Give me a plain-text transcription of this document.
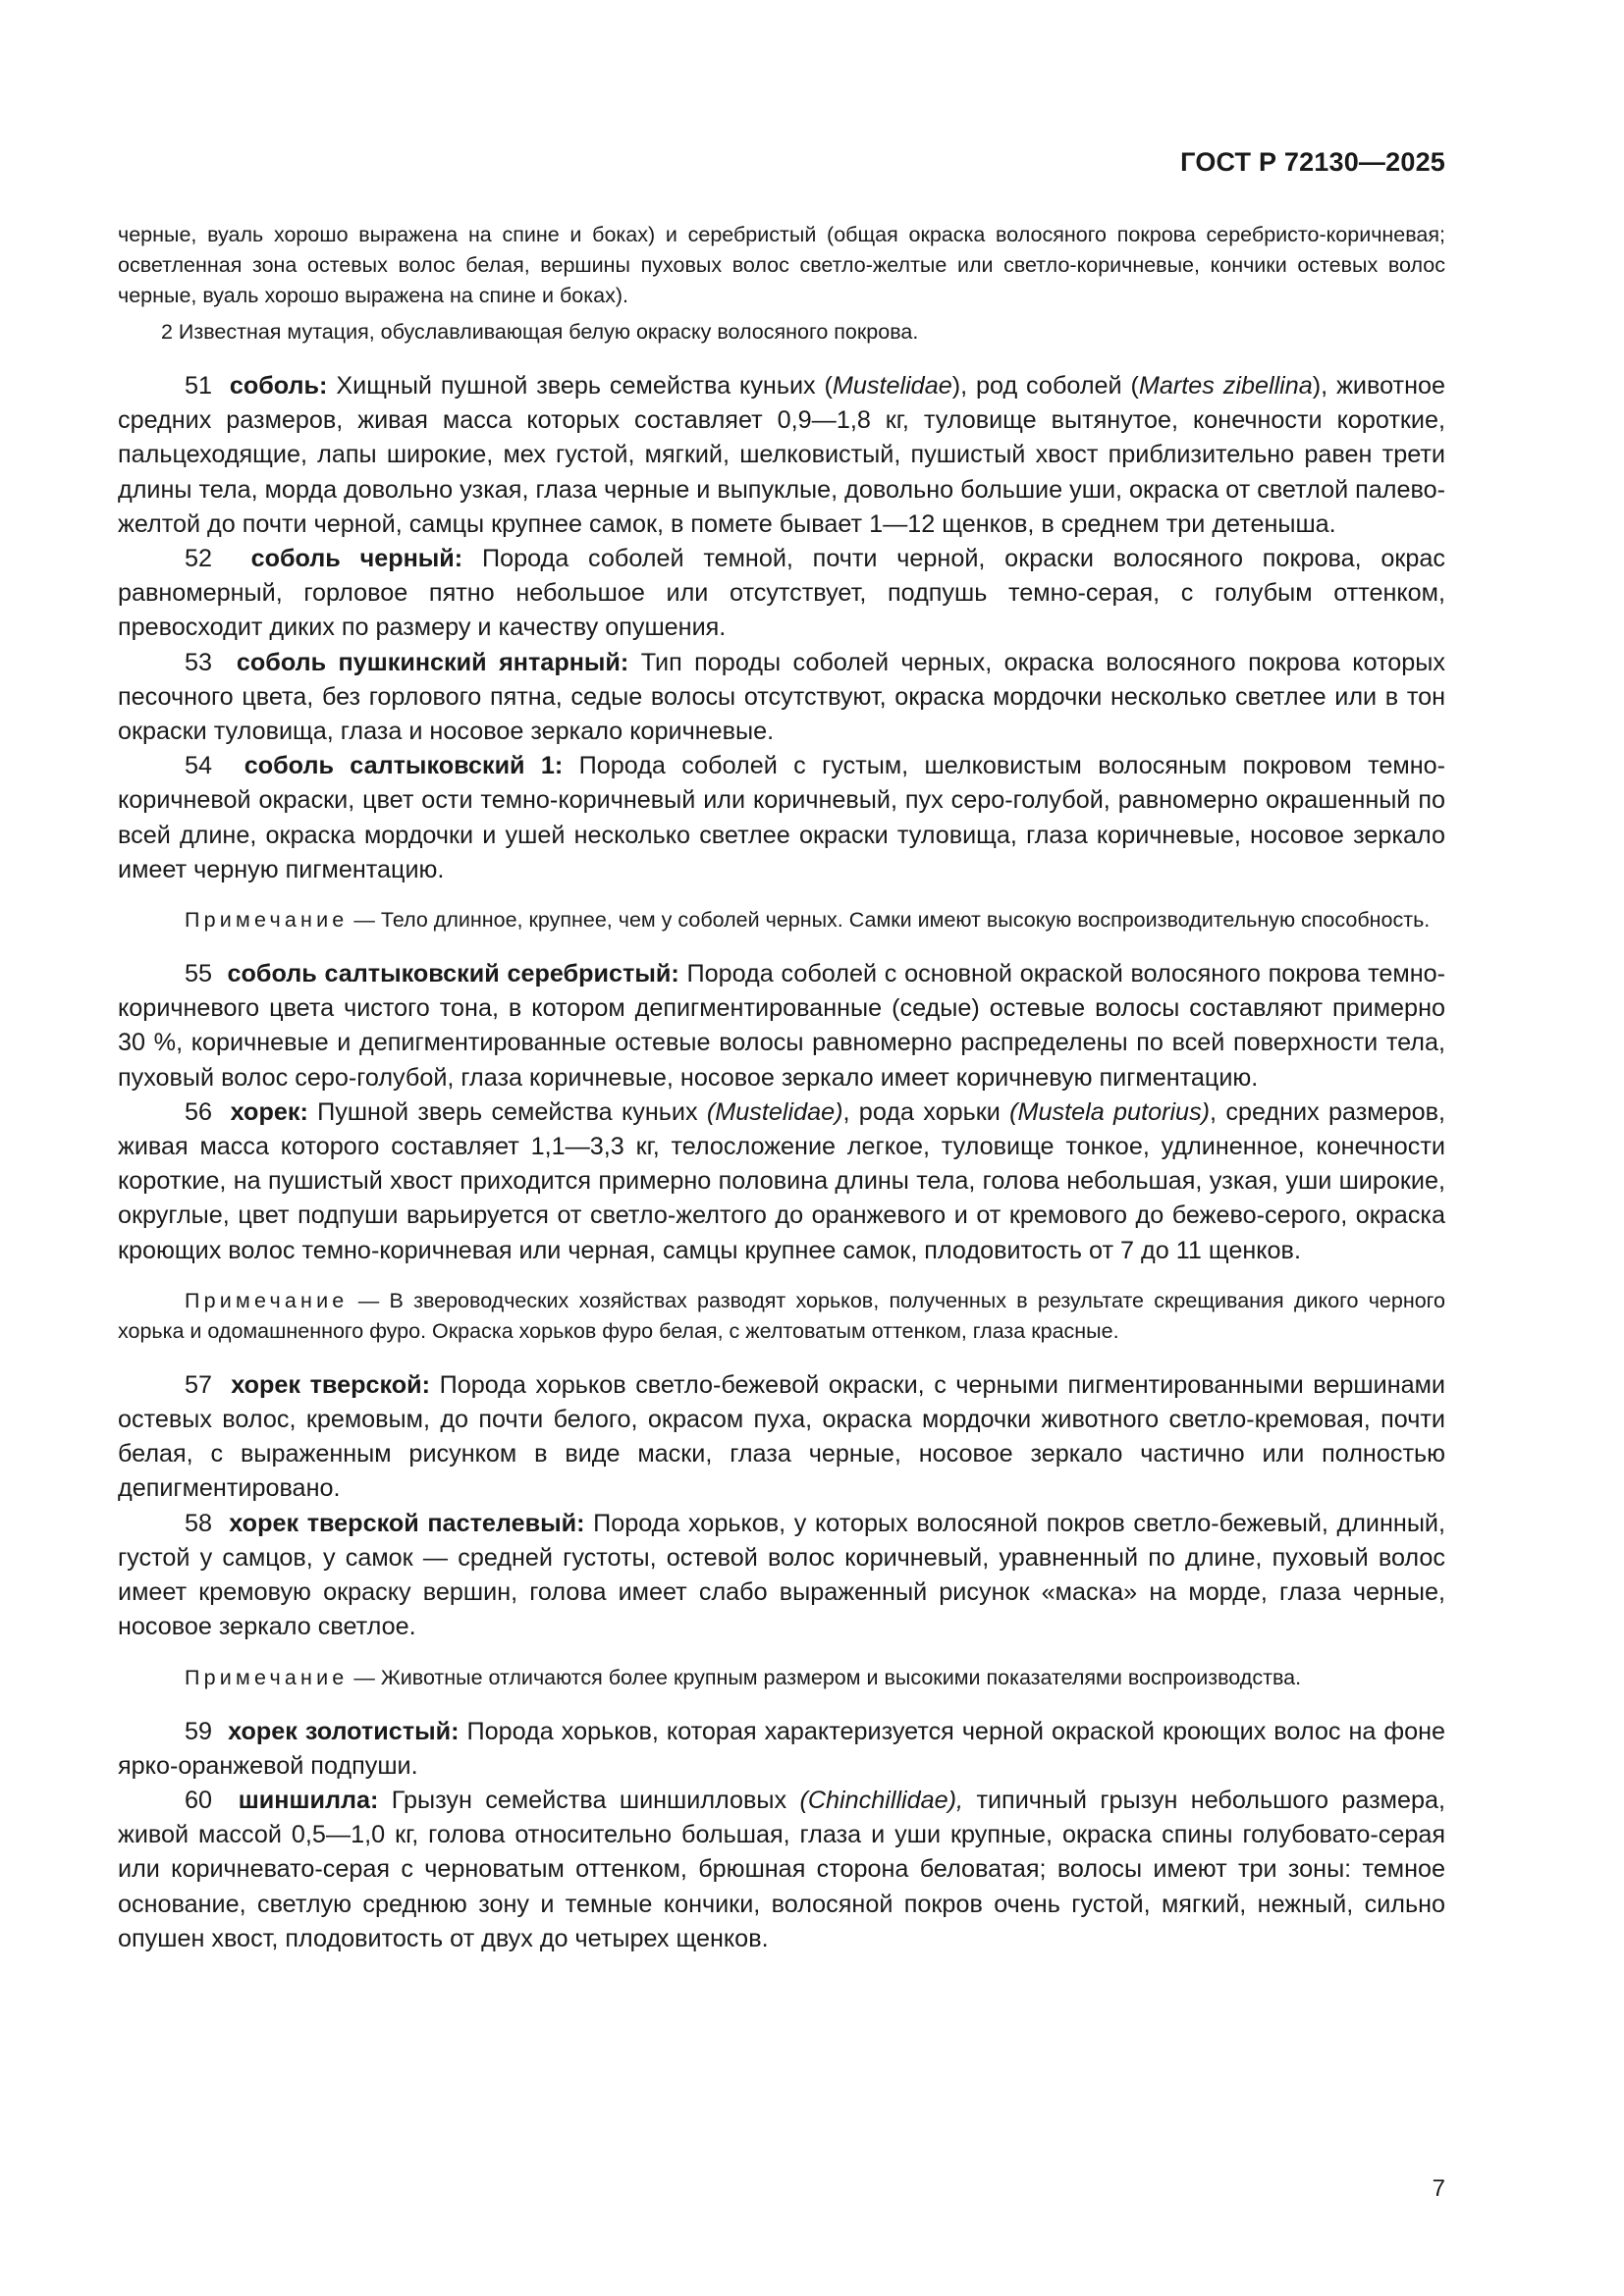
ГОСТ Р 72130—2025

черные, вуаль хорошо выражена на спине и боках) и серебристый (общая окраска волосяного покрова серебристо-коричневая; осветленная зона остевых волос белая, вершины пуховых волос светло-желтые или светло-коричневые, кончики остевых волос черные, вуаль хорошо выражена на спине и боках).

2 Известная мутация, обуславливающая белую окраску волосяного покрова.

51 соболь: Хищный пушной зверь семейства куньих (Mustelidae), род соболей (Martes zibellina), животное средних размеров, живая масса которых составляет 0,9—1,8 кг, туловище вытянутое, конечности короткие, пальцеходящие, лапы широкие, мех густой, мягкий, шелковистый, пушистый хвост приблизительно равен трети длины тела, морда довольно узкая, глаза черные и выпуклые, довольно большие уши, окраска от светлой палево-желтой до почти черной, самцы крупнее самок, в помете бывает 1—12 щенков, в среднем три детеныша.

52 соболь черный: Порода соболей темной, почти черной, окраски волосяного покрова, окрас равномерный, горловое пятно небольшое или отсутствует, подпушь темно-серая, с голубым оттенком, превосходит диких по размеру и качеству опушения.

53 соболь пушкинский янтарный: Тип породы соболей черных, окраска волосяного покрова которых песочного цвета, без горлового пятна, седые волосы отсутствуют, окраска мордочки несколько светлее или в тон окраски туловища, глаза и носовое зеркало коричневые.

54 соболь салтыковский 1: Порода соболей с густым, шелковистым волосяным покровом темно-коричневой окраски, цвет ости темно-коричневый или коричневый, пух серо-голубой, равномерно окрашенный по всей длине, окраска мордочки и ушей несколько светлее окраски туловища, глаза коричневые, носовое зеркало имеет черную пигментацию.

Примечание — Тело длинное, крупнее, чем у соболей черных. Самки имеют высокую воспроизводительную способность.

55 соболь салтыковский серебристый: Порода соболей с основной окраской волосяного покрова темно-коричневого цвета чистого тона, в котором депигментированные (седые) остевые волосы составляют примерно 30 %, коричневые и депигментированные остевые волосы равномерно распределены по всей поверхности тела, пуховый волос серо-голубой, глаза коричневые, носовое зеркало имеет коричневую пигментацию.

56 хорек: Пушной зверь семейства куньих (Mustelidae), рода хорьки (Mustela putorius), средних размеров, живая масса которого составляет 1,1—3,3 кг, телосложение легкое, туловище тонкое, удлиненное, конечности короткие, на пушистый хвост приходится примерно половина длины тела, голова небольшая, узкая, уши широкие, округлые, цвет подпуши варьируется от светло-желтого до оранжевого и от кремового до бежево-серого, окраска кроющих волос темно-коричневая или черная, самцы крупнее самок, плодовитость от 7 до 11 щенков.

Примечание — В звероводческих хозяйствах разводят хорьков, полученных в результате скрещивания дикого черного хорька и одомашненного фуро. Окраска хорьков фуро белая, с желтоватым оттенком, глаза красные.

57 хорек тверской: Порода хорьков светло-бежевой окраски, с черными пигментированными вершинами остевых волос, кремовым, до почти белого, окрасом пуха, окраска мордочки животного светло-кремовая, почти белая, с выраженным рисунком в виде маски, глаза черные, носовое зеркало частично или полностью депигментировано.

58 хорек тверской пастелевый: Порода хорьков, у которых волосяной покров светло-бежевый, длинный, густой у самцов, у самок — средней густоты, остевой волос коричневый, уравненный по длине, пуховый волос имеет кремовую окраску вершин, голова имеет слабо выраженный рисунок «маска» на морде, глаза черные, носовое зеркало светлое.

Примечание — Животные отличаются более крупным размером и высокими показателями воспроизводства.

59 хорек золотистый: Порода хорьков, которая характеризуется черной окраской кроющих волос на фоне ярко-оранжевой подпуши.

60 шиншилла: Грызун семейства шиншилловых (Chinchillidae), типичный грызун небольшого размера, живой массой 0,5—1,0 кг, голова относительно большая, глаза и уши крупные, окраска спины голубовато-серая или коричневато-серая с черноватым оттенком, брюшная сторона беловатая; волосы имеют три зоны: темное основание, светлую среднюю зону и темные кончики, волосяной покров очень густой, мягкий, нежный, сильно опушен хвост, плодовитость от двух до четырех щенков.

7
